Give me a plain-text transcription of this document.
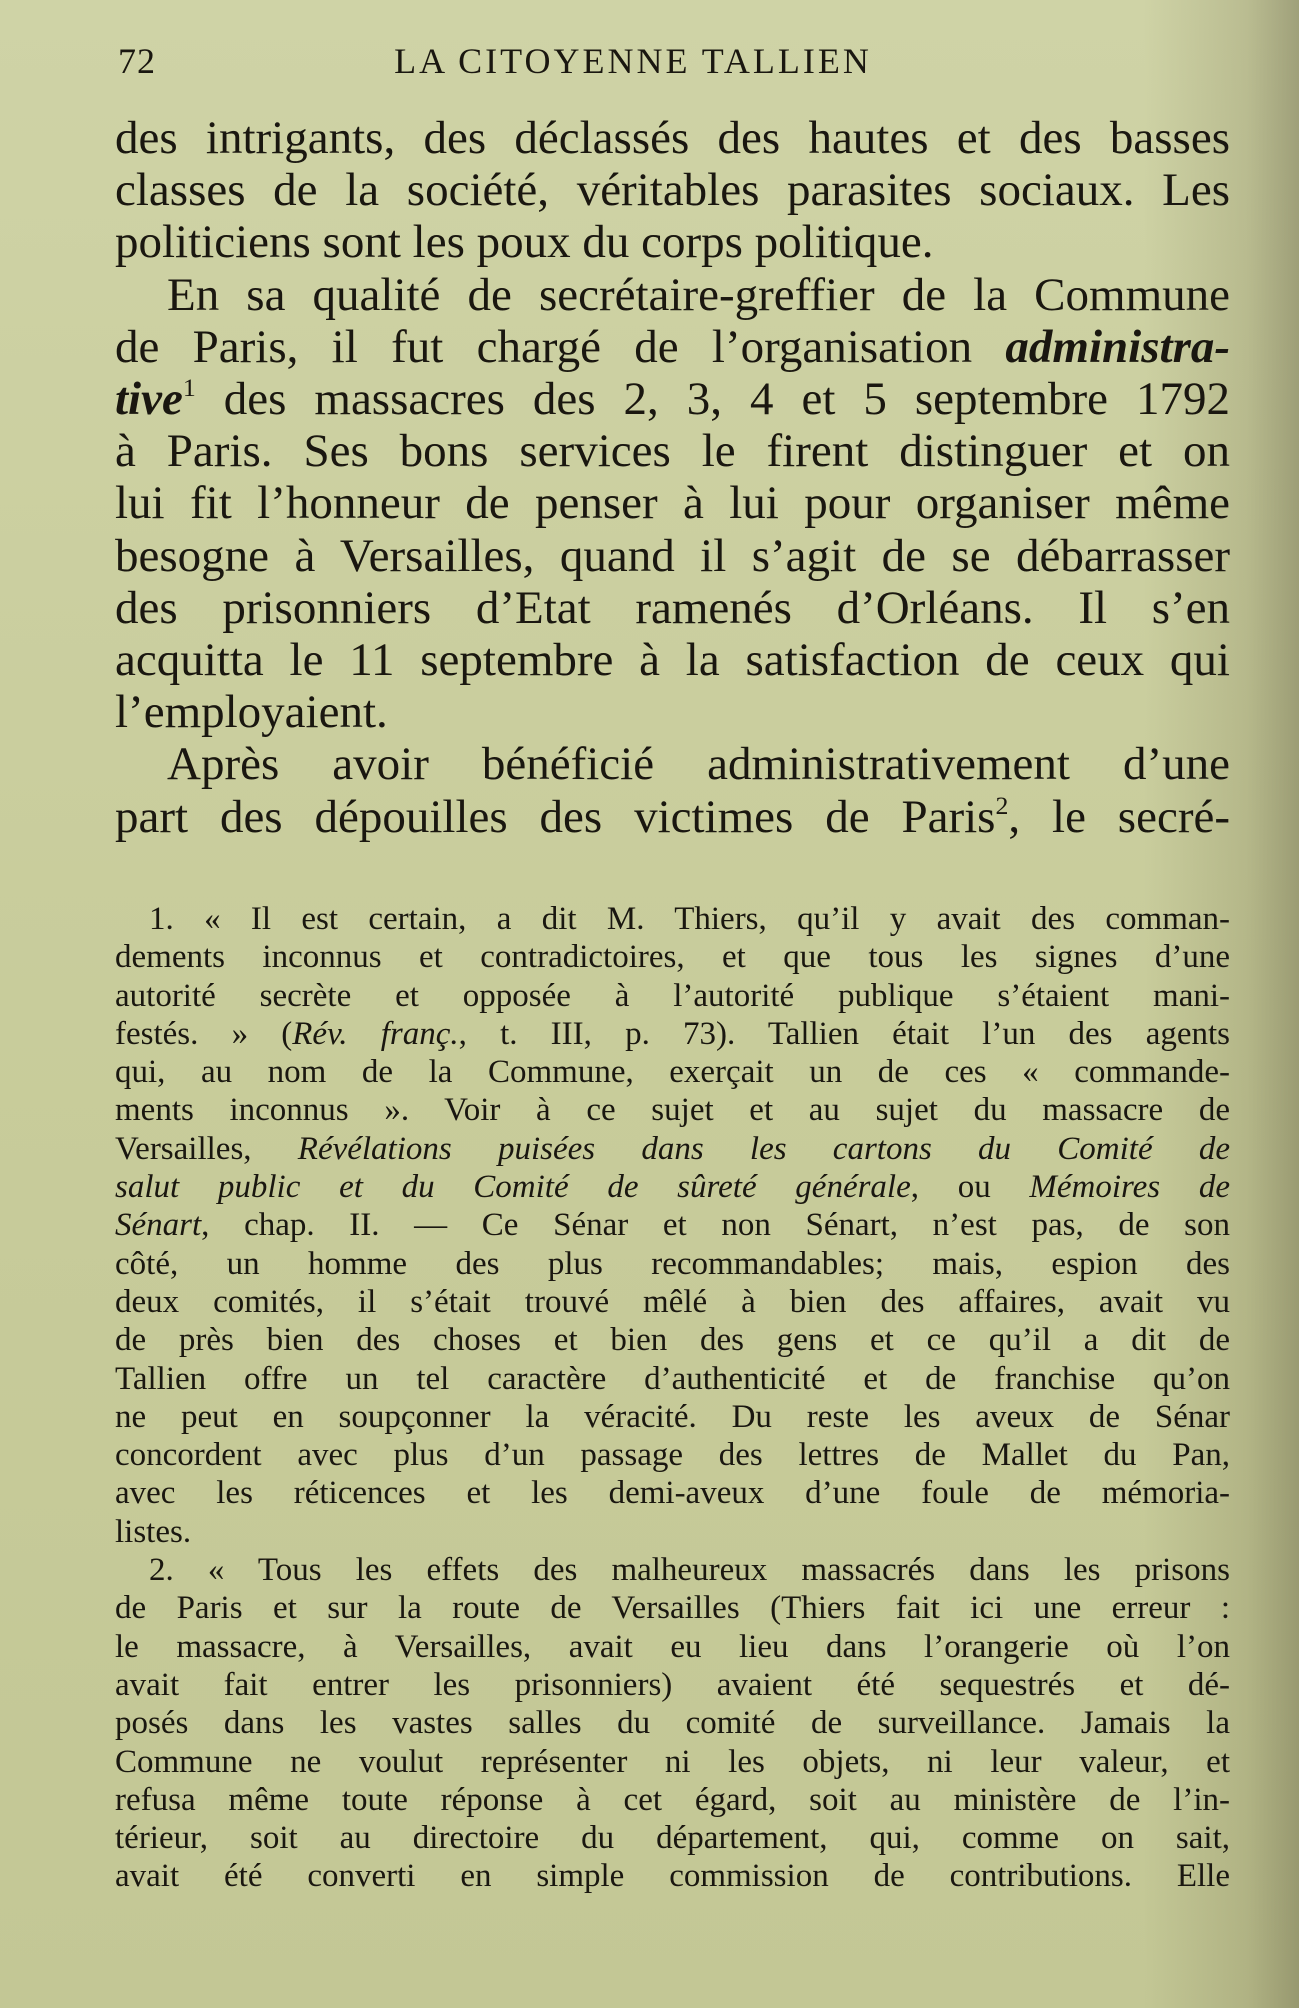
72	LA CITOYENNE TALLIEN

des intrigants, des déclassés des hautes et des basses

classes de la société, véritables parasites sociaux. Les

politiciens sont les poux du corps politique.

En sa qualité de secrétaire-greffier de la Commune

de Paris, il fut chargé de l’organisation administra-

tive$^1$ des massacres des 2, 3, 4 et 5 septembre 1792

à Paris. Ses bons services le firent distinguer et on

lui fit l’honneur de penser à lui pour organiser même

besogne à Versailles, quand il s’agit de se débarrasser

des prisonniers d’Etat ramenés d’Orléans. Il s’en

acquitta le 11 septembre à la satisfaction de ceux qui

l’employaient.

Après avoir bénéficié administrativement d’une

part des dépouilles des victimes de Paris$^2$, le secré-

1. « Il est certain, a dit M. Thiers, qu’il y avait des comman-

dements inconnus et contradictoires, et que tous les signes d’une

autorité secrète et opposée à l’autorité publique s’étaient mani-

festés. » (Rév. franç., t. III, p. 73). Tallien était l’un des agents

qui, au nom de la Commune, exerçait un de ces « commande-

ments inconnus ». Voir à ce sujet et au sujet du massacre de

Versailles, Révélations puisées dans les cartons du Comité de

salut public et du Comité de sûreté générale, ou Mémoires de

Sénart, chap. II. — Ce Sénar et non Sénart, n’est pas, de son

côté, un homme des plus recommandables; mais, espion des

deux comités, il s’était trouvé mêlé à bien des affaires, avait vu

de près bien des choses et bien des gens et ce qu’il a dit de

Tallien offre un tel caractère d’authenticité et de franchise qu’on

ne peut en soupçonner la véracité. Du reste les aveux de Sénar

concordent avec plus d’un passage des lettres de Mallet du Pan,

avec les réticences et les demi-aveux d’une foule de mémoria-

listes.

2. « Tous les effets des malheureux massacrés dans les prisons

de Paris et sur la route de Versailles (Thiers fait ici une erreur :

le massacre, à Versailles, avait eu lieu dans l’orangerie où l’on

avait fait entrer les prisonniers) avaient été sequestrés et dé-

posés dans les vastes salles du comité de surveillance. Jamais la

Commune ne voulut représenter ni les objets, ni leur valeur, et

refusa même toute réponse à cet égard, soit au ministère de l’in-

térieur, soit au directoire du département, qui, comme on sait,

avait été converti en simple commission de contributions. Elle
